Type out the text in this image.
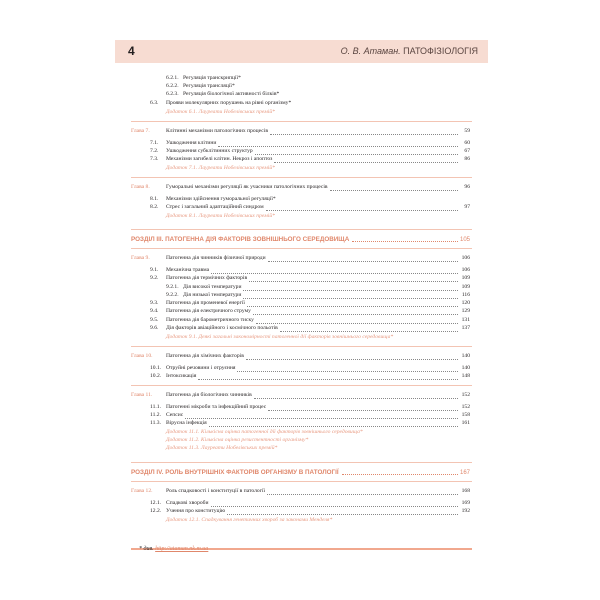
4	О. В. Атаман. ПАТОФІЗІОЛОГІЯ
6.2.1. Регуляція транскрипції*
6.2.2. Регуляція трансляції*
6.2.3. Регуляція біологічної активності білків*
6.3. Прояви молекулярних порушень на рівні організму*
Додаток 6.1. Лауреати Нобелівських премій*
Глава 7.	Клітинні механізми патологічних процесів	59
7.1. Ушкодження клітини	60
7.2. Ушкодження субклітинних структур	67
7.3. Механізми загибелі клітин. Некроз і апоптоз	86
Додаток 7.1. Лауреати Нобелівських премій*
Глава 8.	Гуморальні механізми регуляції як учасники патологічних процесів	96
8.1. Механізми здійснення гуморальної регуляції*
8.2. Стрес і загальний адаптаційний синдром	97
Додаток 8.1. Лауреати Нобелівських премій*
РОЗДІЛ ІІІ. ПАТОГЕННА ДІЯ ФАКТОРІВ ЗОВНІШНЬОГО СЕРЕДОВИЩА	105
Глава 9.	Патогенна дія чинників фізичної природи	106
9.1. Механічна травма	106
9.2. Патогенна дія термічних факторів	109
9.2.1. Дія високої температури	109
9.2.2. Дія низької температури	116
9.3. Патогенна дія променевої енергії	120
9.4. Патогенна дія електричного струму	129
9.5. Патогенна дія барометричного тиску	131
9.6. Дія факторів авіаційного і космічного польотів	137
Додаток 9.1. Деякі загальні закономірності патогенної дії факторів зовнішнього середовища*
Глава 10. Патогенна дія хімічних факторів	140
10.1. Отруйні речовини і отруєння	140
10.2. Інтоксикація	148
Глава 11. Патогенна дія біологічних чинників	152
11.1. Патогенні мікроби та інфекційний процес	152
11.2. Сепсис	158
11.3. Вірусна інфекція	161
Додаток 11.1. Кількісна оцінка патогенної дії факторів зовнішнього середовища*
Додаток 11.2. Кількісна оцінка резистентності організму*
Додаток 11.3. Лауреати Нобелівських премій*
РОЗДІЛ IV. РОЛЬ ВНУТРІШНІХ ФАКТОРІВ ОРГАНІЗМУ В ПАТОЛОГІЇ	167
Глава 12. Роль спадковості і конституції в патології	168
12.1. Спадкові хвороби	169
12.2. Учення про конституцію	192
Додаток 12.1. Спадкування генетичних хвороб за законами Менделя*
* див. http://ataman.nk.m.ua
